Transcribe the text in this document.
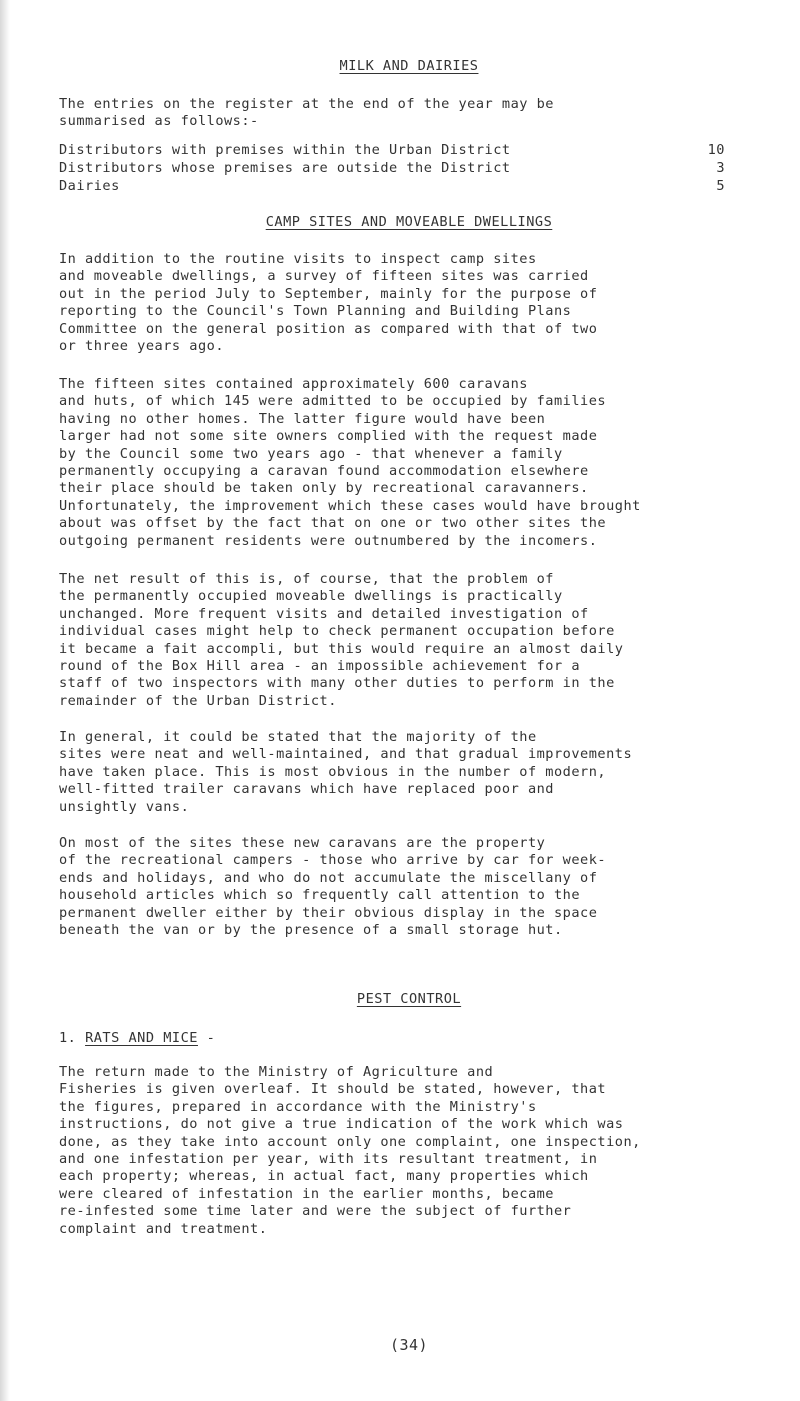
MILK AND DAIRIES

The entries on the register at the end of the year may be
summarised as follows:-

Distributors with premises within the Urban District	10
Distributors whose premises are outside the District	3
Dairies	5
CAMP SITES AND MOVEABLE DWELLINGS

In addition to the routine visits to inspect camp sites
and moveable dwellings, a survey of fifteen sites was carried
out in the period July to September, mainly for the purpose of
reporting to the Council's Town Planning and Building Plans
Committee on the general position as compared with that of two
or three years ago.

The fifteen sites contained approximately 600 caravans
and huts, of which 145 were admitted to be occupied by families
having no other homes. The latter figure would have been
larger had not some site owners complied with the request made
by the Council some two years ago - that whenever a family
permanently occupying a caravan found accommodation elsewhere
their place should be taken only by recreational caravanners.
Unfortunately, the improvement which these cases would have brought
about was offset by the fact that on one or two other sites the
outgoing permanent residents were outnumbered by the incomers.

The net result of this is, of course, that the problem of
the permanently occupied moveable dwellings is practically
unchanged. More frequent visits and detailed investigation of
individual cases might help to check permanent occupation before
it became a fait accompli, but this would require an almost daily
round of the Box Hill area - an impossible achievement for a
staff of two inspectors with many other duties to perform in the
remainder of the Urban District.

In general, it could be stated that the majority of the
sites were neat and well-maintained, and that gradual improvements
have taken place. This is most obvious in the number of modern,
well-fitted trailer caravans which have replaced poor and
unsightly vans.

On most of the sites these new caravans are the property
of the recreational campers - those who arrive by car for week-
ends and holidays, and who do not accumulate the miscellany of
household articles which so frequently call attention to the
permanent dweller either by their obvious display in the space
beneath the van or by the presence of a small storage hut.

PEST CONTROL
1. RATS AND MICE -

The return made to the Ministry of Agriculture and
Fisheries is given overleaf. It should be stated, however, that
the figures, prepared in accordance with the Ministry's
instructions, do not give a true indication of the work which was
done, as they take into account only one complaint, one inspection,
and one infestation per year, with its resultant treatment, in
each property; whereas, in actual fact, many properties which
were cleared of infestation in the earlier months, became
re-infested some time later and were the subject of further
complaint and treatment.

(34)
